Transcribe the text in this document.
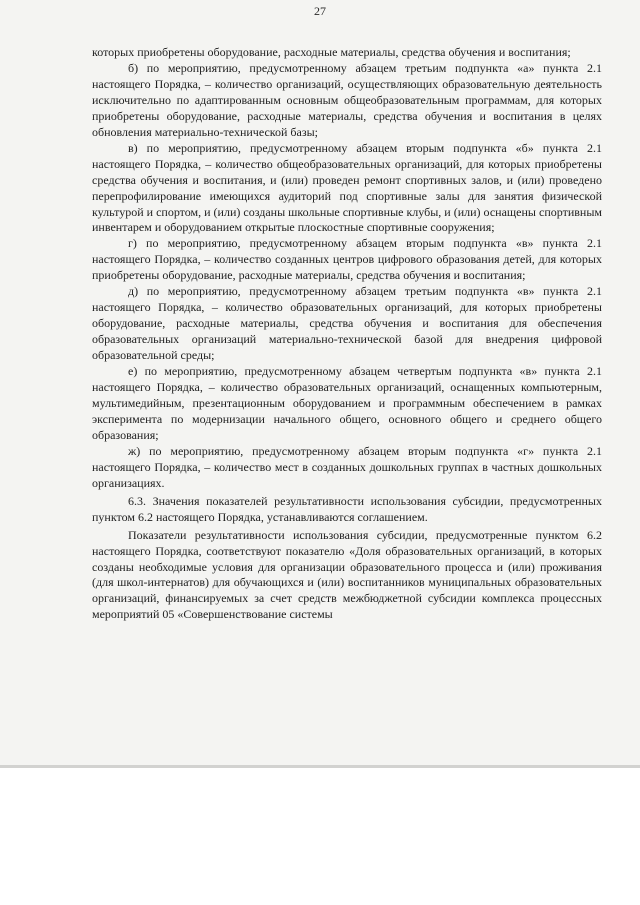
27

которых приобретены оборудование, расходные материалы, средства обучения и воспитания;

б) по мероприятию, предусмотренному абзацем третьим подпункта «а» пункта 2.1 настоящего Порядка, – количество организаций, осуществляющих образовательную деятельность исключительно по адаптированным основным общеобразовательным программам, для которых приобретены оборудование, расходные материалы, средства обучения и воспитания в целях обновления материально-технической базы;

в) по мероприятию, предусмотренному абзацем вторым подпункта «б» пункта 2.1 настоящего Порядка, – количество общеобразовательных организаций, для которых приобретены средства обучения и воспитания, и (или) проведен ремонт спортивных залов, и (или) проведено перепрофилирование имеющихся аудиторий под спортивные залы для занятия физической культурой и спортом, и (или) созданы школьные спортивные клубы, и (или) оснащены спортивным инвентарем и оборудованием открытые плоскостные спортивные сооружения;

г) по мероприятию, предусмотренному абзацем вторым подпункта «в» пункта 2.1 настоящего Порядка, – количество созданных центров цифрового образования детей, для которых приобретены оборудование, расходные материалы, средства обучения и воспитания;

д) по мероприятию, предусмотренному абзацем третьим подпункта «в» пункта 2.1 настоящего Порядка, – количество образовательных организаций, для которых приобретены оборудование, расходные материалы, средства обучения и воспитания для обеспечения образовательных организаций материально-технической базой для внедрения цифровой образовательной среды;

е) по мероприятию, предусмотренному абзацем четвертым подпункта «в» пункта 2.1 настоящего Порядка, – количество образовательных организаций, оснащенных компьютерным, мультимедийным, презентационным оборудованием и программным обеспечением в рамках эксперимента по модернизации начального общего, основного общего и среднего общего образования;

ж) по мероприятию, предусмотренному абзацем вторым подпункта «г» пункта 2.1 настоящего Порядка, – количество мест в созданных дошкольных группах в частных дошкольных организациях.

6.3. Значения показателей результативности использования субсидии, предусмотренных пунктом 6.2 настоящего Порядка, устанавливаются соглашением.

Показатели результативности использования субсидии, предусмотренные пунктом 6.2 настоящего Порядка, соответствуют показателю «Доля образовательных организаций, в которых созданы необходимые условия для организации образовательного процесса и (или) проживания (для школ-интернатов) для обучающихся и (или) воспитанников муниципальных образовательных организаций, финансируемых за счет средств межбюджетной субсидии комплекса процессных мероприятий 05 «Совершенствование системы
